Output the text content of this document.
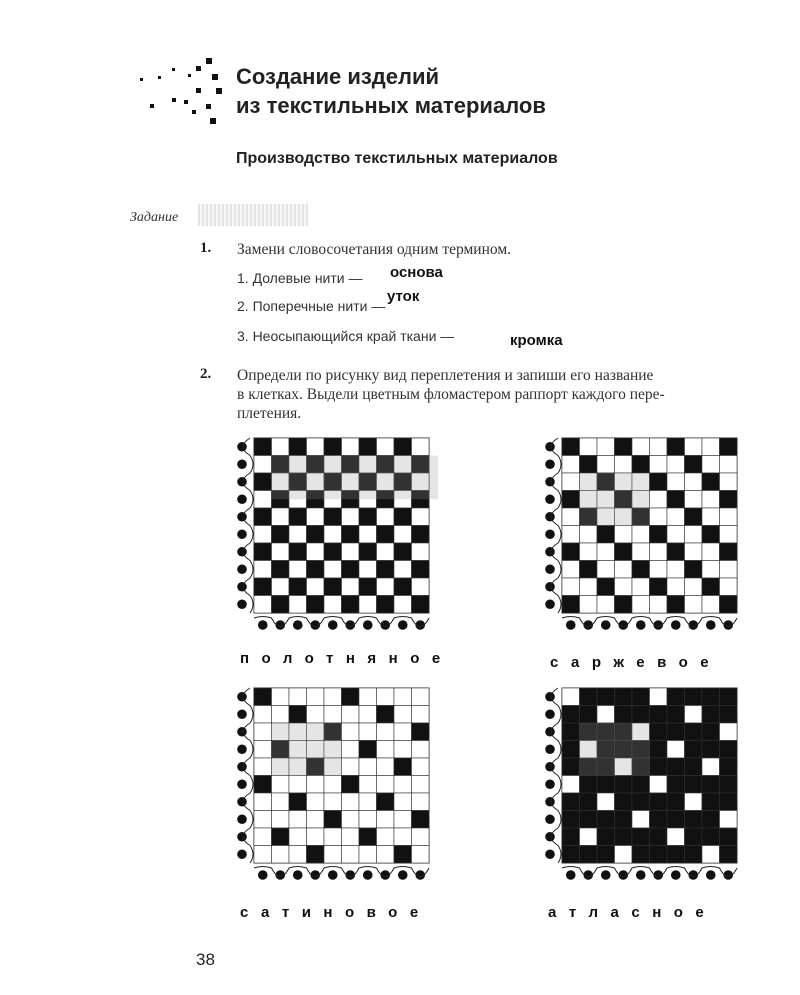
Создание изделий
из текстильных материалов
Производство текстильных материалов
Задание
1. Замени словосочетания одним термином.
1. Долевые нити — основа
2. Поперечные нити —
уток
3. Неосыпающийся край ткани —	кромка
2. Определи по рисунку вид переплетения и запиши его название
в клетках. Выдели цветным фломастером раппорт каждого пере-
плетения.
полотняное	саржевое
сатиновое	атласное
38
